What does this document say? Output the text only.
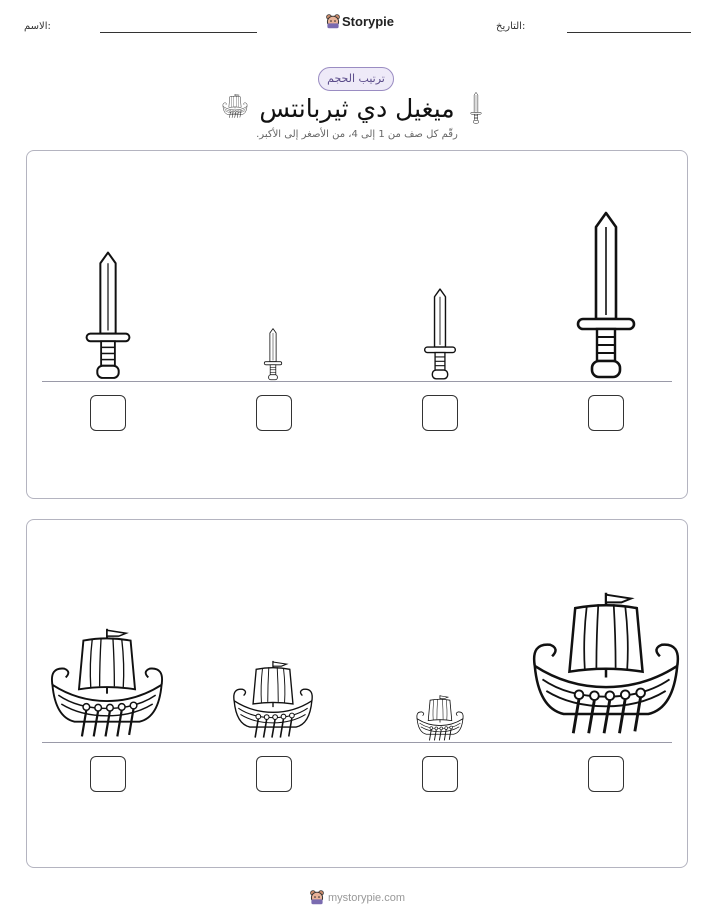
الاسم:	Storypie	التاريخ:
ترتيب الحجم
ميغيل دي ثيربانتس
رقّم كل صف من 1 إلى 4، من الأصغر إلى الأكبر.
mystorypie.com
